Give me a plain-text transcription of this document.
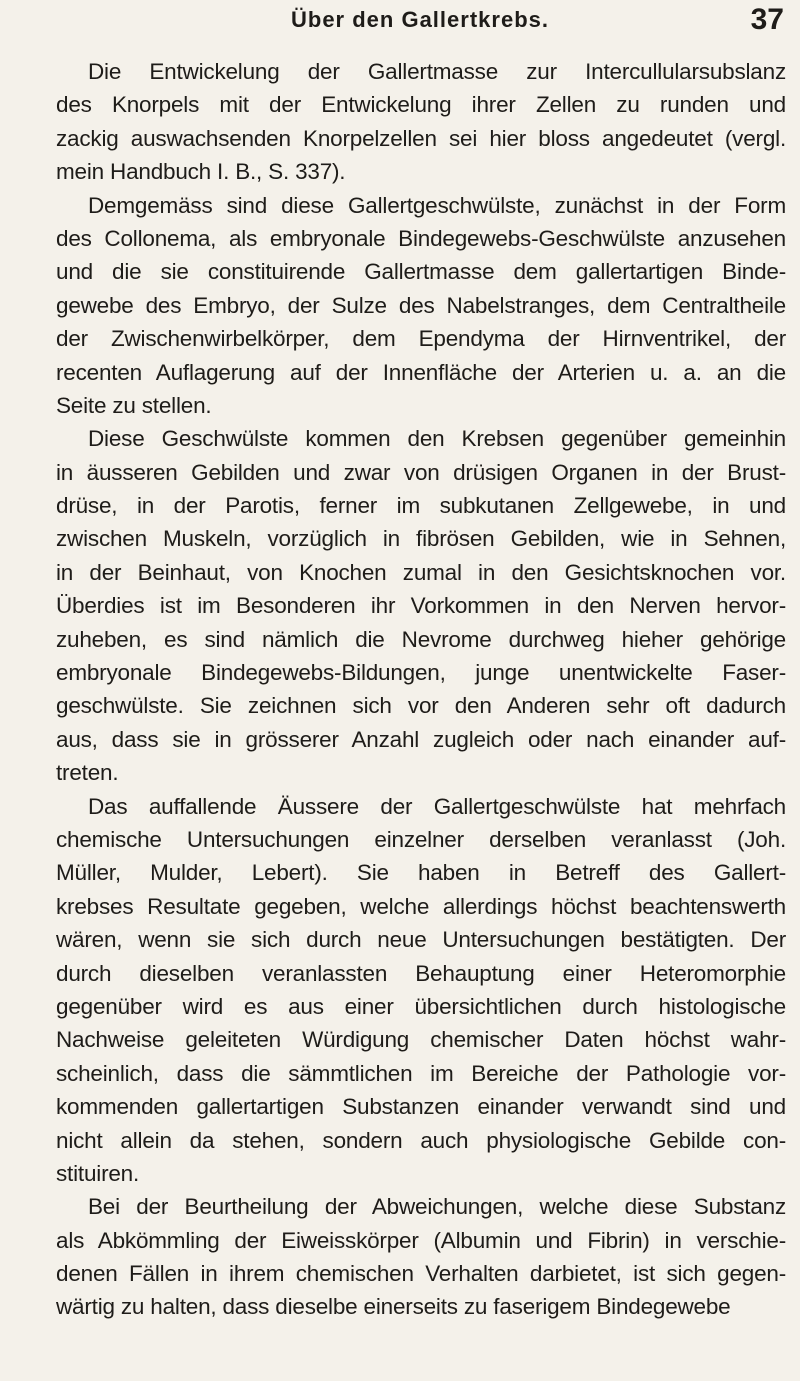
Über den Gallertkrebs.	37
Die Entwickelung der Gallertmasse zur Intercullularsubslanz
des Knorpels mit der Entwickelung ihrer Zellen zu runden und
zackig auswachsenden Knorpelzellen sei hier bloss angedeutet (vergl.
mein Handbuch I. B., S. 337).
Demgemäss sind diese Gallertgeschwülste, zunächst in der Form
des Collonema, als embryonale Bindegewebs-Geschwülste anzusehen
und die sie constituirende Gallertmasse dem gallertartigen Binde-
gewebe des Embryo, der Sulze des Nabelstranges, dem Centraltheile
der Zwischenwirbelkörper, dem Ependyma der Hirnventrikel, der
recenten Auflagerung auf der Innenfläche der Arterien u. a. an die
Seite zu stellen.
Diese Geschwülste kommen den Krebsen gegenüber gemeinhin
in äusseren Gebilden und zwar von drüsigen Organen in der Brust-
drüse, in der Parotis, ferner im subkutanen Zellgewebe, in und
zwischen Muskeln, vorzüglich in fibrösen Gebilden, wie in Sehnen,
in der Beinhaut, von Knochen zumal in den Gesichtsknochen vor.
Überdies ist im Besonderen ihr Vorkommen in den Nerven hervor-
zuheben, es sind nämlich die Nevrome durchweg hieher gehörige
embryonale Bindegewebs-Bildungen, junge unentwickelte Faser-
geschwülste. Sie zeichnen sich vor den Anderen sehr oft dadurch
aus, dass sie in grösserer Anzahl zugleich oder nach einander auf-
treten.
Das auffallende Äussere der Gallertgeschwülste hat mehrfach
chemische Untersuchungen einzelner derselben veranlasst (Joh.
Müller, Mulder, Lebert). Sie haben in Betreff des Gallert-
krebses Resultate gegeben, welche allerdings höchst beachtenswerth
wären, wenn sie sich durch neue Untersuchungen bestätigten. Der
durch dieselben veranlassten Behauptung einer Heteromorphie
gegenüber wird es aus einer übersichtlichen durch histologische
Nachweise geleiteten Würdigung chemischer Daten höchst wahr-
scheinlich, dass die sämmtlichen im Bereiche der Pathologie vor-
kommenden gallertartigen Substanzen einander verwandt sind und
nicht allein da stehen, sondern auch physiologische Gebilde con-
stituiren.
Bei der Beurtheilung der Abweichungen, welche diese Substanz
als Abkömmling der Eiweisskörper (Albumin und Fibrin) in verschie-
denen Fällen in ihrem chemischen Verhalten darbietet, ist sich gegen-
wärtig zu halten, dass dieselbe einerseits zu faserigem Bindegewebe
